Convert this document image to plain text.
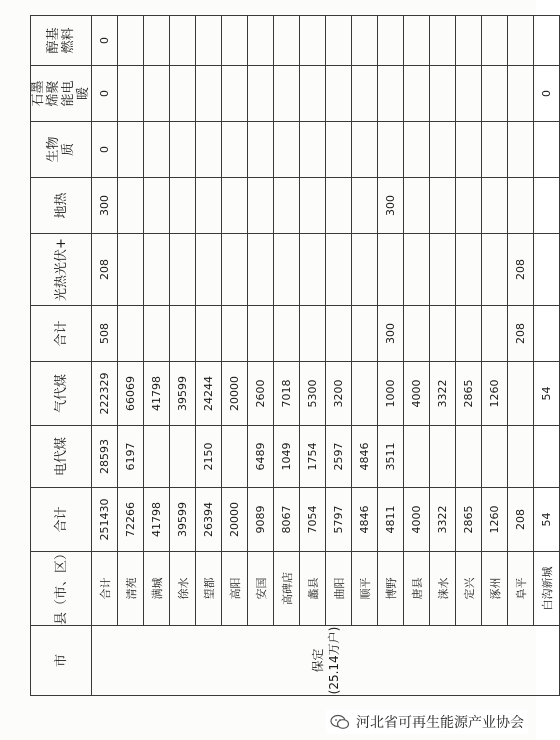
市	县（市、区）	合计	电代煤	气代煤	合计	光热光伏+	地热	生物质	石墨烯聚能电暖	醇基燃料

保定 (25.14万户)	合计	251430	28593	222329	508	208	300	0	0	0
	清苑	72266	6197	66069						
	满城	41798		41798						
	徐水	39599		39599						
	望都	26394	2150	24244						
	高阳	20000		20000						
	安国	9089	6489	2600						
	高碑店	8067	1049	7018						
	蠡县	7054	1754	5300						
	曲阳	5797	2597	3200						
	顺平	4846	4846							
	博野	4811	3511	1000	300		300			
	唐县	4000		4000						
	涞水	3322		3322						
	定兴	2865		2865						
	涿州	1260		1260						
	阜平	208			208	208				
	白沟新城	54		54					0	
河北省可再生能源产业协会
